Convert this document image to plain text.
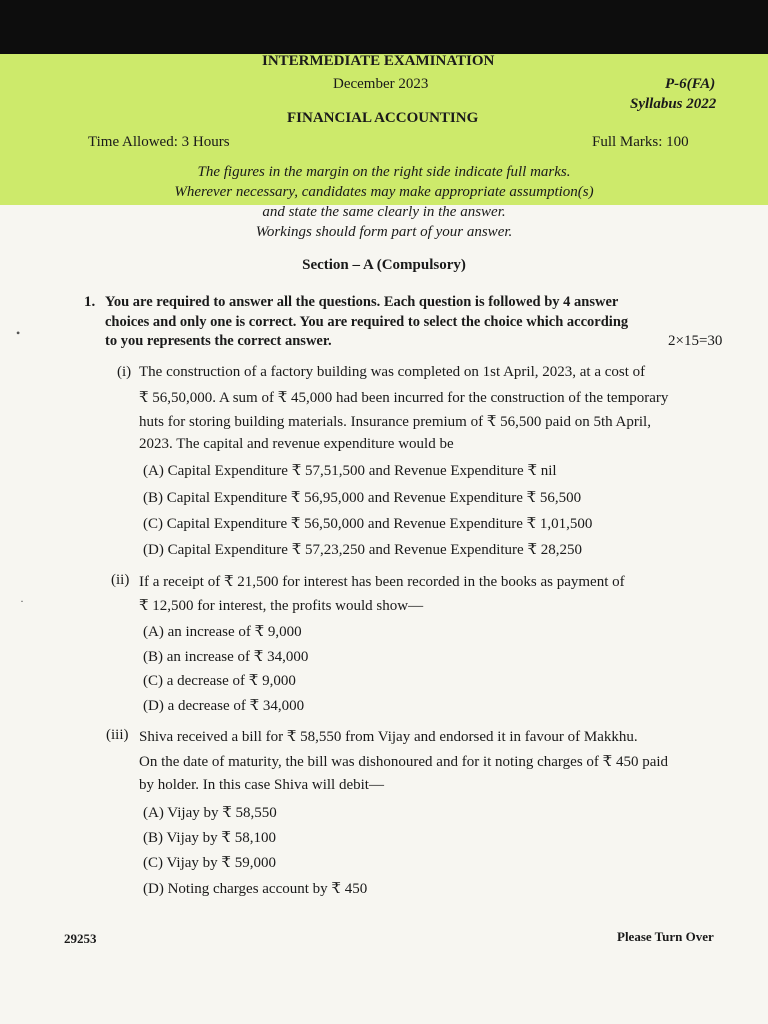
INTERMEDIATE EXAMINATION
December 2023	P-6(FA)
Syllabus 2022
FINANCIAL ACCOUNTING
Time Allowed: 3 Hours	Full Marks: 100
The figures in the margin on the right side indicate full marks.
Wherever necessary, candidates may make appropriate assumption(s)
and state the same clearly in the answer.
Workings should form part of your answer.
Section – A (Compulsory)
1. You are required to answer all the questions. Each question is followed by 4 answer
choices and only one is correct. You are required to select the choice which according
to you represents the correct answer.	2×15=30
(i) The construction of a factory building was completed on 1st April, 2023, at a cost of
₹ 56,50,000. A sum of ₹ 45,000 had been incurred for the construction of the temporary
huts for storing building materials. Insurance premium of ₹ 56,500 paid on 5th April,
2023. The capital and revenue expenditure would be
(A) Capital Expenditure ₹ 57,51,500 and Revenue Expenditure ₹ nil
(B) Capital Expenditure ₹ 56,95,000 and Revenue Expenditure ₹ 56,500
(C) Capital Expenditure ₹ 56,50,000 and Revenue Expenditure ₹ 1,01,500
(D) Capital Expenditure ₹ 57,23,250 and Revenue Expenditure ₹ 28,250
(ii) If a receipt of ₹ 21,500 for interest has been recorded in the books as payment of
₹ 12,500 for interest, the profits would show—
(A) an increase of ₹ 9,000
(B) an increase of ₹ 34,000
(C) a decrease of ₹ 9,000
(D) a decrease of ₹ 34,000
(iii) Shiva received a bill for ₹ 58,550 from Vijay and endorsed it in favour of Makkhu.
On the date of maturity, the bill was dishonoured and for it noting charges of ₹ 450 paid
by holder. In this case Shiva will debit—
(A) Vijay by ₹ 58,550
(B) Vijay by ₹ 58,100
(C) Vijay by ₹ 59,000
(D) Noting charges account by ₹ 450
29253	Please Turn Over
•
·
